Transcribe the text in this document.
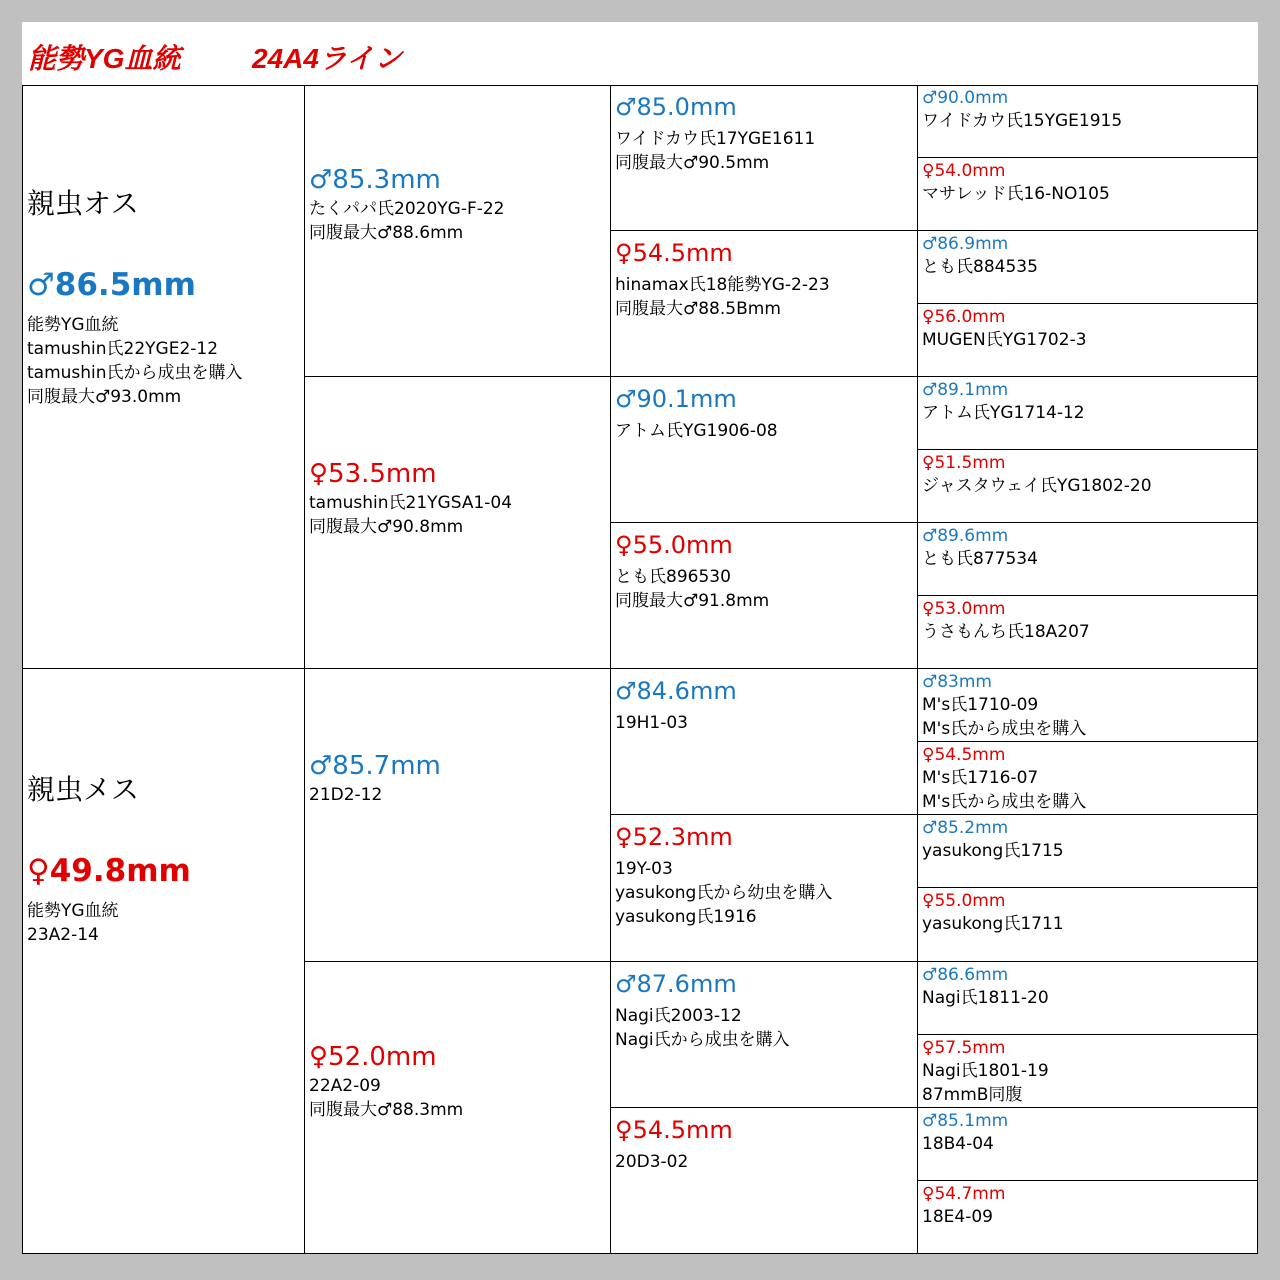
能勢YG血統	24A4ライン
親虫オス
♂86.5mm
能勢YG血統
tamushin氏22YGE2-12
tamushin氏から成虫を購入
同腹最大♂93.0mm
親虫メス
♀49.8mm
能勢YG血統
23A2-14
♂85.3mm
たくパパ氏2020YG-F-22
同腹最大♂88.6mm
♀53.5mm
tamushin氏21YGSA1-04
同腹最大♂90.8mm
♂85.7mm
21D2-12
♀52.0mm
22A2-09
同腹最大♂88.3mm
♂85.0mm
ワイドカウ氏17YGE1611
同腹最大♂90.5mm
♀54.5mm
hinamax氏18能勢YG-2-23
同腹最大♂88.5Bmm
♂90.1mm
アトム氏YG1906-08
♀55.0mm
とも氏896530
同腹最大♂91.8mm
♂84.6mm
19H1-03
♀52.3mm
19Y-03
yasukong氏から幼虫を購入
yasukong氏1916
♂87.6mm
Nagi氏2003-12
Nagi氏から成虫を購入
♀54.5mm
20D3-02
♂90.0mm
ワイドカウ氏15YGE1915
♀54.0mm
マサレッド氏16-NO105
♂86.9mm
とも氏884535
♀56.0mm
MUGEN氏YG1702-3
♂89.1mm
アトム氏YG1714-12
♀51.5mm
ジャスタウェイ氏YG1802-20
♂89.6mm
とも氏877534
♀53.0mm
うさもんち氏18A207
♂83mm
M's氏1710-09
M's氏から成虫を購入
♀54.5mm
M's氏1716-07
M's氏から成虫を購入
♂85.2mm
yasukong氏1715
♀55.0mm
yasukong氏1711
♂86.6mm
Nagi氏1811-20
♀57.5mm
Nagi氏1801-19
87mmB同腹
♂85.1mm
18B4-04
♀54.7mm
18E4-09
